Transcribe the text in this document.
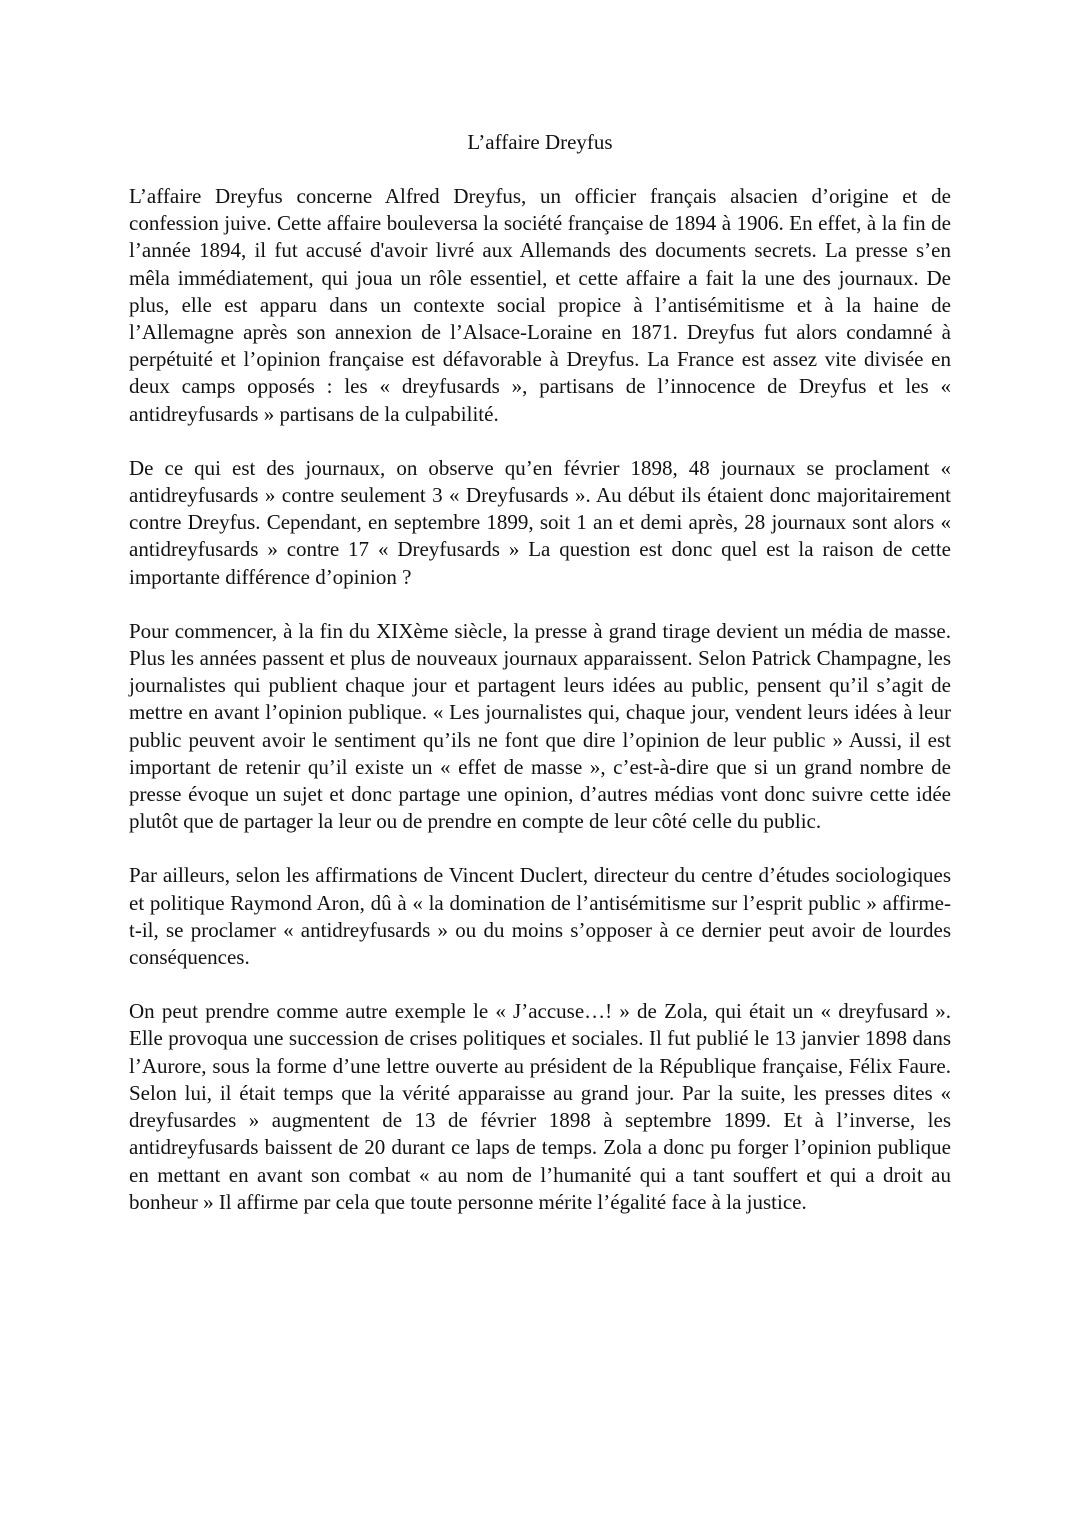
L’affaire Dreyfus

L’affaire Dreyfus concerne Alfred Dreyfus, un officier français alsacien d’origine et de confession juive. Cette affaire bouleversa la société française de 1894 à 1906. En effet, à la fin de l’année 1894, il fut accusé d'avoir livré aux Allemands des documents secrets. La presse s’en mêla immédiatement, qui joua un rôle essentiel, et cette affaire a fait la une des journaux. De plus, elle est apparu dans un contexte social propice à l’antisémitisme et à la haine de l’Allemagne après son annexion de l’Alsace-Loraine en 1871. Dreyfus fut alors condamné à perpétuité et l’opinion française est défavorable à Dreyfus. La France est assez vite divisée en deux camps opposés : les « dreyfusards », partisans de l’innocence de Dreyfus et les « antidreyfusards » partisans de la culpabilité.

De ce qui est des journaux, on observe qu’en février 1898, 48 journaux se proclament « antidreyfusards » contre seulement 3 « Dreyfusards ». Au début ils étaient donc majoritairement contre Dreyfus. Cependant, en septembre 1899, soit 1 an et demi après, 28 journaux sont alors « antidreyfusards » contre 17 « Dreyfusards » La question est donc quel est la raison de cette importante différence d’opinion ?

Pour commencer, à la fin du XIXème siècle, la presse à grand tirage devient un média de masse. Plus les années passent et plus de nouveaux journaux apparaissent. Selon Patrick Champagne, les journalistes qui publient chaque jour et partagent leurs idées au public, pensent qu’il s’agit de mettre en avant l’opinion publique. « Les journalistes qui, chaque jour, vendent leurs idées à leur public peuvent avoir le sentiment qu’ils ne font que dire l’opinion de leur public » Aussi, il est important de retenir qu’il existe un « effet de masse », c’est-à-dire que si un grand nombre de presse évoque un sujet et donc partage une opinion, d’autres médias vont donc suivre cette idée plutôt que de partager la leur ou de prendre en compte de leur côté celle du public.

Par ailleurs, selon les affirmations de Vincent Duclert, directeur du centre d’études sociologiques et politique Raymond Aron, dû à « la domination de l’antisémitisme sur l’esprit public » affirme-t-il, se proclamer « antidreyfusards » ou du moins s’opposer à ce dernier peut avoir de lourdes conséquences.

On peut prendre comme autre exemple le « J’accuse…! » de Zola, qui était un « dreyfusard ». Elle provoqua une succession de crises politiques et sociales. Il fut publié le 13 janvier 1898 dans l’Aurore, sous la forme d’une lettre ouverte au président de la République française, Félix Faure. Selon lui, il était temps que la vérité apparaisse au grand jour. Par la suite, les presses dites « dreyfusardes » augmentent de 13 de février 1898 à septembre 1899. Et à l’inverse, les antidreyfusards baissent de 20 durant ce laps de temps. Zola a donc pu forger l’opinion publique en mettant en avant son combat « au nom de l’humanité qui a tant souffert et qui a droit au bonheur » Il affirme par cela que toute personne mérite l’égalité face à la justice.
